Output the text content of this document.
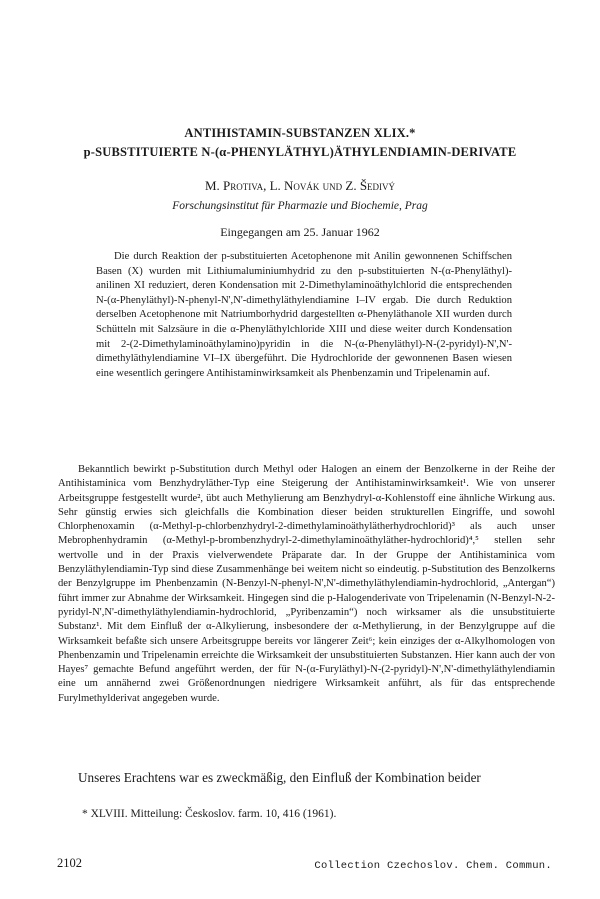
ANTIHISTAMIN-SUBSTANZEN XLIX.*
p-SUBSTITUIERTE N-(α-PHENYLÄTHYL)ÄTHYLENDIAMIN-DERIVATE
M. Protiva, L. Novák und Z. Šedivý
Forschungsinstitut für Pharmazie und Biochemie, Prag
Eingegangen am 25. Januar 1962
Die durch Reaktion der p-substituierten Acetophenone mit Anilin gewonnenen Schiffschen Basen (X) wurden mit Lithiumaluminiumhydrid zu den p-substituierten N-(α-Phenyläthyl)-anilinen XI reduziert, deren Kondensation mit 2-Dimethylaminoäthylchlorid die entsprechenden N-(α-Phenyläthyl)-N-phenyl-N',N'-dimethyläthylendiamine I–IV ergab. Die durch Reduktion derselben Acetophenone mit Natriumborhydrid dargestellten α-Phenyläthanole XII wurden durch Schütteln mit Salzsäure in die α-Phenyläthylchloride XIII und diese weiter durch Kondensation mit 2-(2-Dimethylaminoäthylamino)pyridin in die N-(α-Phenyläthyl)-N-(2-pyridyl)-N',N'-dimethyläthylendiamine VI–IX übergeführt. Die Hydrochloride der gewonnenen Basen wiesen eine wesentlich geringere Antihistaminwirksamkeit als Phenbenzamin und Tripelenamin auf.
Bekanntlich bewirkt p-Substitution durch Methyl oder Halogen an einem der Benzolkerne in der Reihe der Antihistaminica vom Benzhydryläther-Typ eine Steigerung der Antihistaminwirksamkeit¹. Wie von unserer Arbeitsgruppe festgestellt wurde², übt auch Methylierung am Benzhydryl-α-Kohlenstoff eine ähnliche Wirkung aus. Sehr günstig erwies sich gleichfalls die Kombination dieser beiden strukturellen Eingriffe, und sowohl Chlorphenoxamin (α-Methyl-p-chlorbenzhydryl-2-dimethylaminoäthylätherhydrochlorid)³ als auch unser Mebrophenhydramin (α-Methyl-p-brombenzhydryl-2-dimethylaminoäthyläther-hydrochlorid)⁴,⁵ stellen sehr wertvolle und in der Praxis vielverwendete Präparate dar. In der Gruppe der Antihistaminica vom Benzyläthylendiamin-Typ sind diese Zusammenhänge bei weitem nicht so eindeutig. p-Substitution des Benzolkerns der Benzylgruppe im Phenbenzamin (N-Benzyl-N-phenyl-N',N'-dimethyläthylendiamin-hydrochlorid, „Antergan“) führt immer zur Abnahme der Wirksamkeit. Hingegen sind die p-Halogenderivate von Tripelenamin (N-Benzyl-N-2-pyridyl-N',N'-dimethyläthylendiamin-hydrochlorid, „Pyribenzamin“) noch wirksamer als die unsubstituierte Substanz¹. Mit dem Einfluß der α-Alkylierung, insbesondere der α-Methylierung, in der Benzylgruppe auf die Wirksamkeit befaßte sich unsere Arbeitsgruppe bereits vor längerer Zeit⁶; kein einziges der α-Alkylhomologen von Phenbenzamin und Tripelenamin erreichte die Wirksamkeit der unsubstituierten Substanzen. Hier kann auch der von Hayes⁷ gemachte Befund angeführt werden, der für N-(α-Furyläthyl)-N-(2-pyridyl)-N',N'-dimethyläthylendiamin eine um annähernd zwei Größenordnungen niedrigere Wirksamkeit anführt, als für das entsprechende Furylmethylderivat angegeben wurde.
Unseres Erachtens war es zweckmäßig, den Einfluß der Kombination beider
* XLVIII. Mitteilung: Českoslov. farm. 10, 416 (1961).
2102	Collection Czechoslov. Chem. Commun.
